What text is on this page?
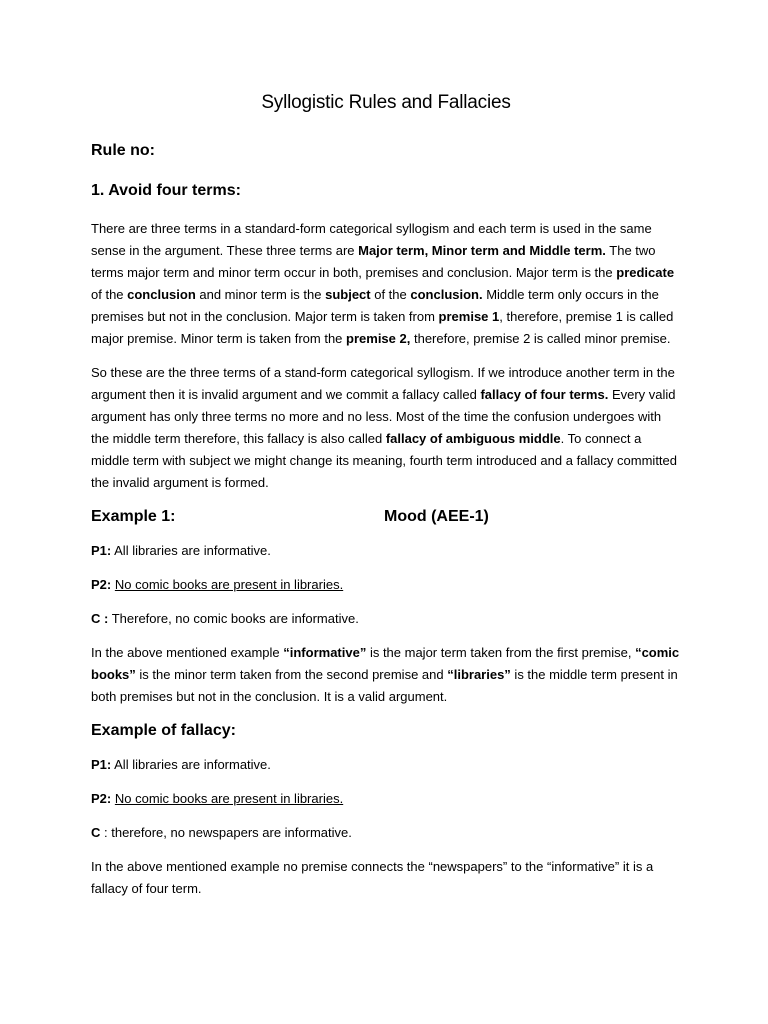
Syllogistic Rules and Fallacies
Rule no:
1. Avoid four terms:

There are three terms in a standard-form categorical syllogism and each term is used in the same sense in the argument. These three terms are Major term, Minor term and Middle term. The two terms major term and minor term occur in both, premises and conclusion. Major term is the predicate of the conclusion and minor term is the subject of the conclusion. Middle term only occurs in the premises but not in the conclusion. Major term is taken from premise 1, therefore, premise 1 is called major premise. Minor term is taken from the premise 2, therefore, premise 2 is called minor premise.

So these are the three terms of a stand-form categorical syllogism. If we introduce another term in the argument then it is invalid argument and we commit a fallacy called fallacy of four terms. Every valid argument has only three terms no more and no less. Most of the time the confusion undergoes with the middle term therefore, this fallacy is also called fallacy of ambiguous middle. To connect a middle term with subject we might change its meaning, fourth term introduced and a fallacy committed the invalid argument is formed.

Example 1:	Mood (AEE-1)

P1: All libraries are informative.

P2: No comic books are present in libraries.

C : Therefore, no comic books are informative.

In the above mentioned example “informative” is the major term taken from the first premise, “comic books” is the minor term taken from the second premise and “libraries” is the middle term present in both premises but not in the conclusion. It is a valid argument.

Example of fallacy:

P1: All libraries are informative.

P2: No comic books are present in libraries.

C : therefore, no newspapers are informative.

In the above mentioned example no premise connects the “newspapers” to the “informative” it is a fallacy of four term.
